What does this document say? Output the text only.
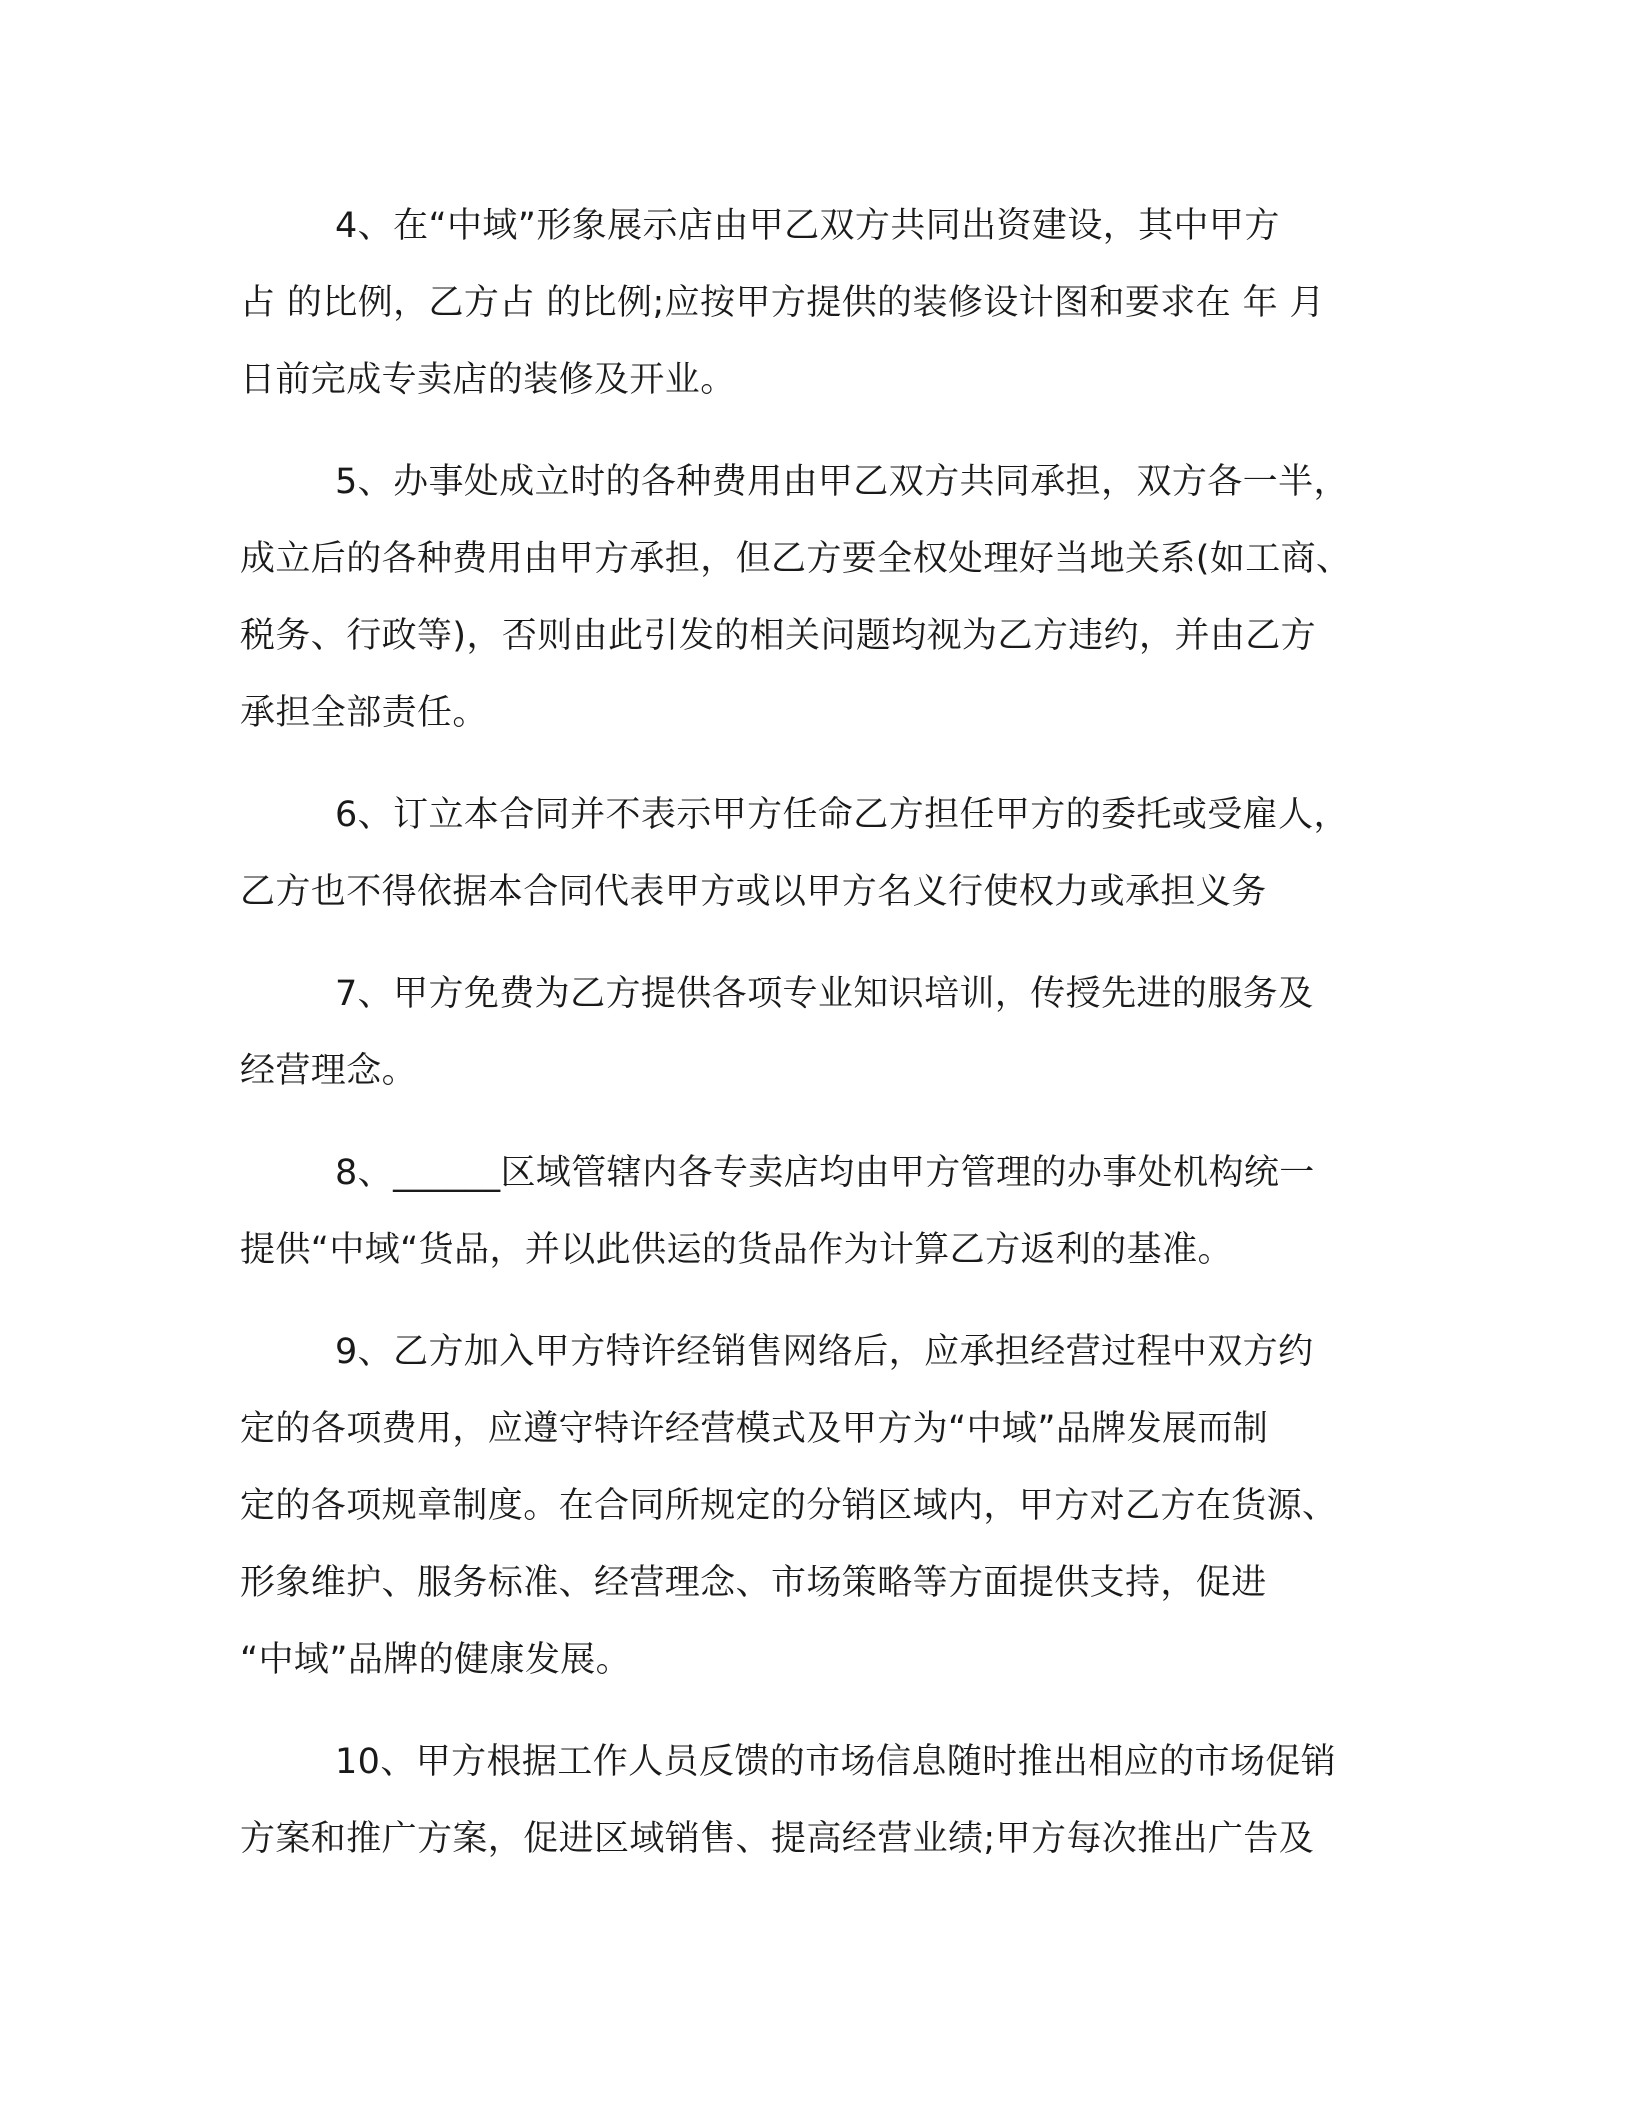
4、在“中域”形象展示店由甲乙双方共同出资建设，其中甲方
占 的比例，乙方占 的比例;应按甲方提供的装修设计图和要求在 年 月
日前完成专卖店的装修及开业。

5、办事处成立时的各种费用由甲乙双方共同承担，双方各一半，
成立后的各种费用由甲方承担，但乙方要全权处理好当地关系(如工商、
税务、行政等)，否则由此引发的相关问题均视为乙方违约，并由乙方
承担全部责任。

6、订立本合同并不表示甲方任命乙方担任甲方的委托或受雇人，
乙方也不得依据本合同代表甲方或以甲方名义行使权力或承担义务

7、甲方免费为乙方提供各项专业知识培训，传授先进的服务及
经营理念。

8、______区域管辖内各专卖店均由甲方管理的办事处机构统一
提供“中域“货品，并以此供运的货品作为计算乙方返利的基准。

9、乙方加入甲方特许经销售网络后，应承担经营过程中双方约
定的各项费用，应遵守特许经营模式及甲方为“中域”品牌发展而制
定的各项规章制度。在合同所规定的分销区域内，甲方对乙方在货源、
形象维护、服务标准、经营理念、市场策略等方面提供支持，促进
“中域”品牌的健康发展。

10、甲方根据工作人员反馈的市场信息随时推出相应的市场促销
方案和推广方案，促进区域销售、提高经营业绩;甲方每次推出广告及
